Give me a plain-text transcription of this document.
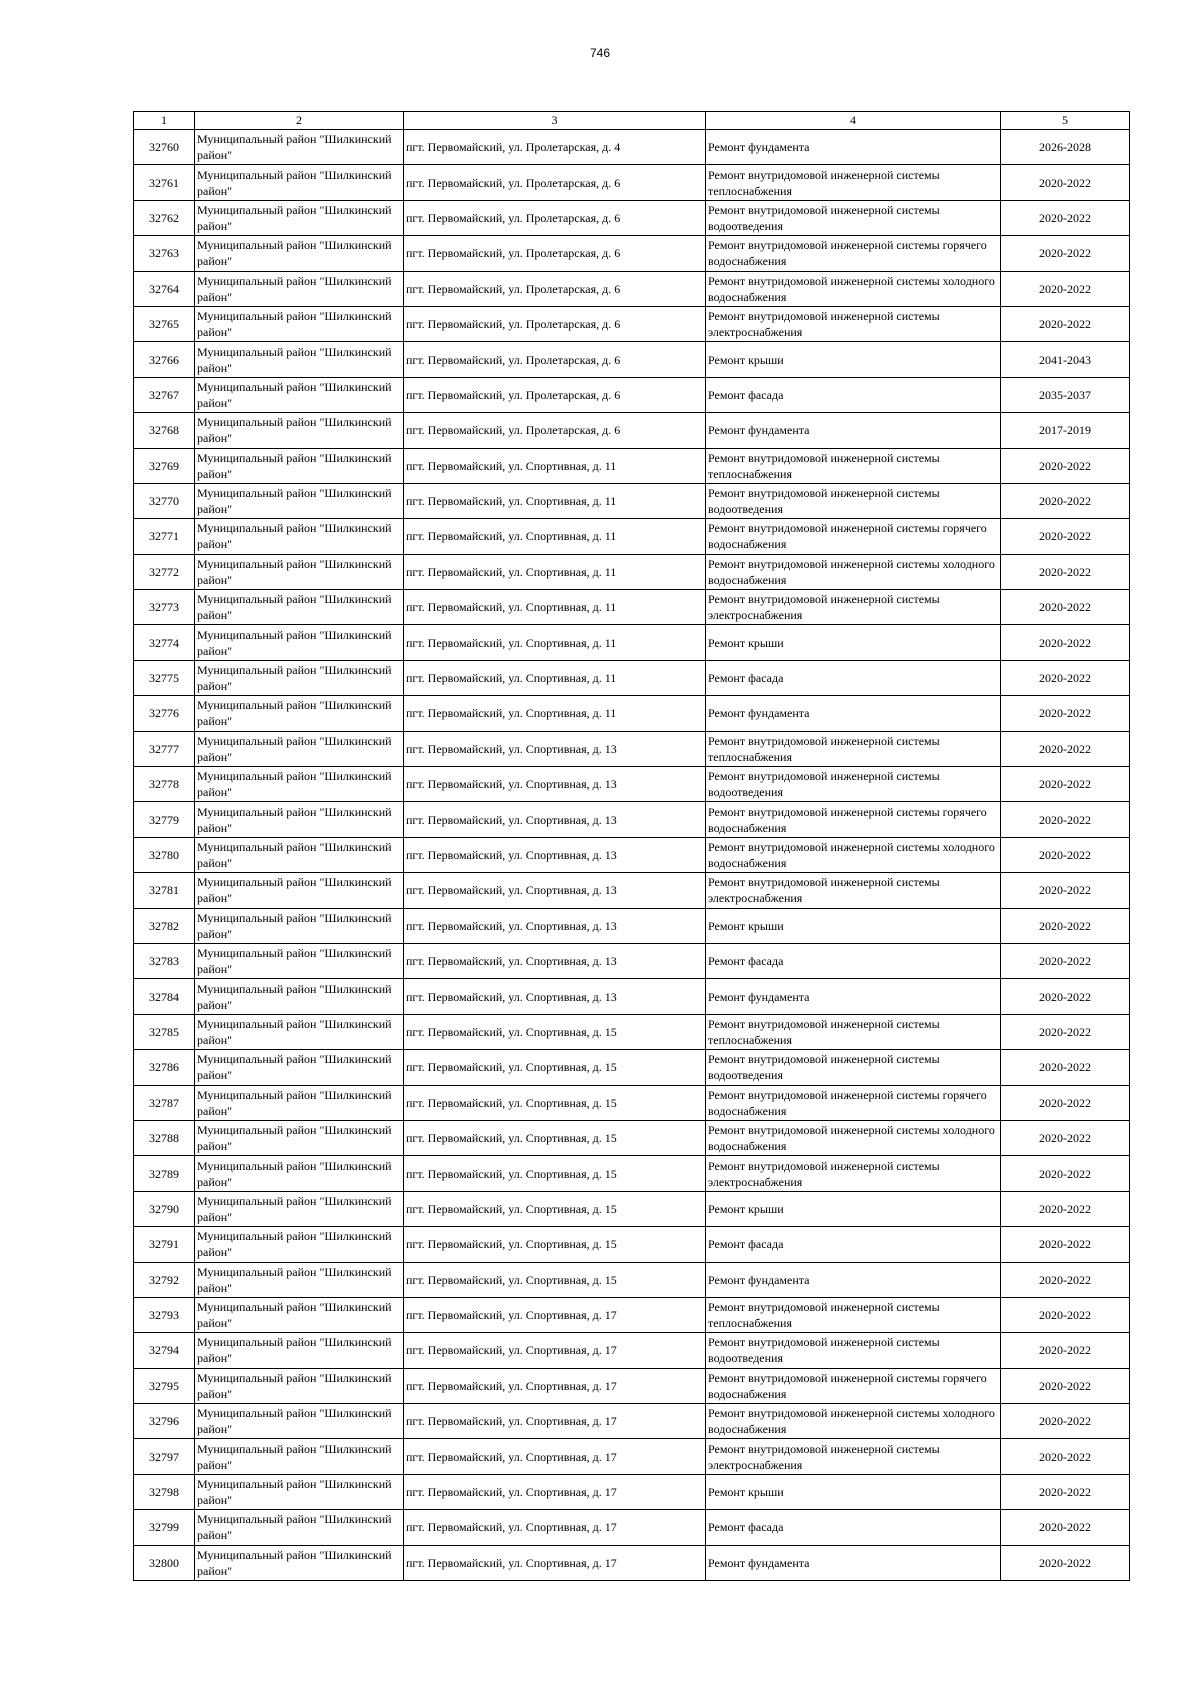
746
1	2	3	4	5
32760	Муниципальный район "Шилкинский район"	пгт. Первомайский, ул. Пролетарская, д. 4	Ремонт фундамента	2026-2028
32761	Муниципальный район "Шилкинский район"	пгт. Первомайский, ул. Пролетарская, д. 6	Ремонт внутридомовой инженерной системы теплоснабжения	2020-2022
32762	Муниципальный район "Шилкинский район"	пгт. Первомайский, ул. Пролетарская, д. 6	Ремонт внутридомовой инженерной системы водоотведения	2020-2022
32763	Муниципальный район "Шилкинский район"	пгт. Первомайский, ул. Пролетарская, д. 6	Ремонт внутридомовой инженерной системы горячего водоснабжения	2020-2022
32764	Муниципальный район "Шилкинский район"	пгт. Первомайский, ул. Пролетарская, д. 6	Ремонт внутридомовой инженерной системы холодного водоснабжения	2020-2022
32765	Муниципальный район "Шилкинский район"	пгт. Первомайский, ул. Пролетарская, д. 6	Ремонт внутридомовой инженерной системы электроснабжения	2020-2022
32766	Муниципальный район "Шилкинский район"	пгт. Первомайский, ул. Пролетарская, д. 6	Ремонт крыши	2041-2043
32767	Муниципальный район "Шилкинский район"	пгт. Первомайский, ул. Пролетарская, д. 6	Ремонт фасада	2035-2037
32768	Муниципальный район "Шилкинский район"	пгт. Первомайский, ул. Пролетарская, д. 6	Ремонт фундамента	2017-2019
32769	Муниципальный район "Шилкинский район"	пгт. Первомайский, ул. Спортивная, д. 11	Ремонт внутридомовой инженерной системы теплоснабжения	2020-2022
32770	Муниципальный район "Шилкинский район"	пгт. Первомайский, ул. Спортивная, д. 11	Ремонт внутридомовой инженерной системы водоотведения	2020-2022
32771	Муниципальный район "Шилкинский район"	пгт. Первомайский, ул. Спортивная, д. 11	Ремонт внутридомовой инженерной системы горячего водоснабжения	2020-2022
32772	Муниципальный район "Шилкинский район"	пгт. Первомайский, ул. Спортивная, д. 11	Ремонт внутридомовой инженерной системы холодного водоснабжения	2020-2022
32773	Муниципальный район "Шилкинский район"	пгт. Первомайский, ул. Спортивная, д. 11	Ремонт внутридомовой инженерной системы электроснабжения	2020-2022
32774	Муниципальный район "Шилкинский район"	пгт. Первомайский, ул. Спортивная, д. 11	Ремонт крыши	2020-2022
32775	Муниципальный район "Шилкинский район"	пгт. Первомайский, ул. Спортивная, д. 11	Ремонт фасада	2020-2022
32776	Муниципальный район "Шилкинский район"	пгт. Первомайский, ул. Спортивная, д. 11	Ремонт фундамента	2020-2022
32777	Муниципальный район "Шилкинский район"	пгт. Первомайский, ул. Спортивная, д. 13	Ремонт внутридомовой инженерной системы теплоснабжения	2020-2022
32778	Муниципальный район "Шилкинский район"	пгт. Первомайский, ул. Спортивная, д. 13	Ремонт внутридомовой инженерной системы водоотведения	2020-2022
32779	Муниципальный район "Шилкинский район"	пгт. Первомайский, ул. Спортивная, д. 13	Ремонт внутридомовой инженерной системы горячего водоснабжения	2020-2022
32780	Муниципальный район "Шилкинский район"	пгт. Первомайский, ул. Спортивная, д. 13	Ремонт внутридомовой инженерной системы холодного водоснабжения	2020-2022
32781	Муниципальный район "Шилкинский район"	пгт. Первомайский, ул. Спортивная, д. 13	Ремонт внутридомовой инженерной системы электроснабжения	2020-2022
32782	Муниципальный район "Шилкинский район"	пгт. Первомайский, ул. Спортивная, д. 13	Ремонт крыши	2020-2022
32783	Муниципальный район "Шилкинский район"	пгт. Первомайский, ул. Спортивная, д. 13	Ремонт фасада	2020-2022
32784	Муниципальный район "Шилкинский район"	пгт. Первомайский, ул. Спортивная, д. 13	Ремонт фундамента	2020-2022
32785	Муниципальный район "Шилкинский район"	пгт. Первомайский, ул. Спортивная, д. 15	Ремонт внутридомовой инженерной системы теплоснабжения	2020-2022
32786	Муниципальный район "Шилкинский район"	пгт. Первомайский, ул. Спортивная, д. 15	Ремонт внутридомовой инженерной системы водоотведения	2020-2022
32787	Муниципальный район "Шилкинский район"	пгт. Первомайский, ул. Спортивная, д. 15	Ремонт внутридомовой инженерной системы горячего водоснабжения	2020-2022
32788	Муниципальный район "Шилкинский район"	пгт. Первомайский, ул. Спортивная, д. 15	Ремонт внутридомовой инженерной системы холодного водоснабжения	2020-2022
32789	Муниципальный район "Шилкинский район"	пгт. Первомайский, ул. Спортивная, д. 15	Ремонт внутридомовой инженерной системы электроснабжения	2020-2022
32790	Муниципальный район "Шилкинский район"	пгт. Первомайский, ул. Спортивная, д. 15	Ремонт крыши	2020-2022
32791	Муниципальный район "Шилкинский район"	пгт. Первомайский, ул. Спортивная, д. 15	Ремонт фасада	2020-2022
32792	Муниципальный район "Шилкинский район"	пгт. Первомайский, ул. Спортивная, д. 15	Ремонт фундамента	2020-2022
32793	Муниципальный район "Шилкинский район"	пгт. Первомайский, ул. Спортивная, д. 17	Ремонт внутридомовой инженерной системы теплоснабжения	2020-2022
32794	Муниципальный район "Шилкинский район"	пгт. Первомайский, ул. Спортивная, д. 17	Ремонт внутридомовой инженерной системы водоотведения	2020-2022
32795	Муниципальный район "Шилкинский район"	пгт. Первомайский, ул. Спортивная, д. 17	Ремонт внутридомовой инженерной системы горячего водоснабжения	2020-2022
32796	Муниципальный район "Шилкинский район"	пгт. Первомайский, ул. Спортивная, д. 17	Ремонт внутридомовой инженерной системы холодного водоснабжения	2020-2022
32797	Муниципальный район "Шилкинский район"	пгт. Первомайский, ул. Спортивная, д. 17	Ремонт внутридомовой инженерной системы электроснабжения	2020-2022
32798	Муниципальный район "Шилкинский район"	пгт. Первомайский, ул. Спортивная, д. 17	Ремонт крыши	2020-2022
32799	Муниципальный район "Шилкинский район"	пгт. Первомайский, ул. Спортивная, д. 17	Ремонт фасада	2020-2022
32800	Муниципальный район "Шилкинский район"	пгт. Первомайский, ул. Спортивная, д. 17	Ремонт фундамента	2020-2022
